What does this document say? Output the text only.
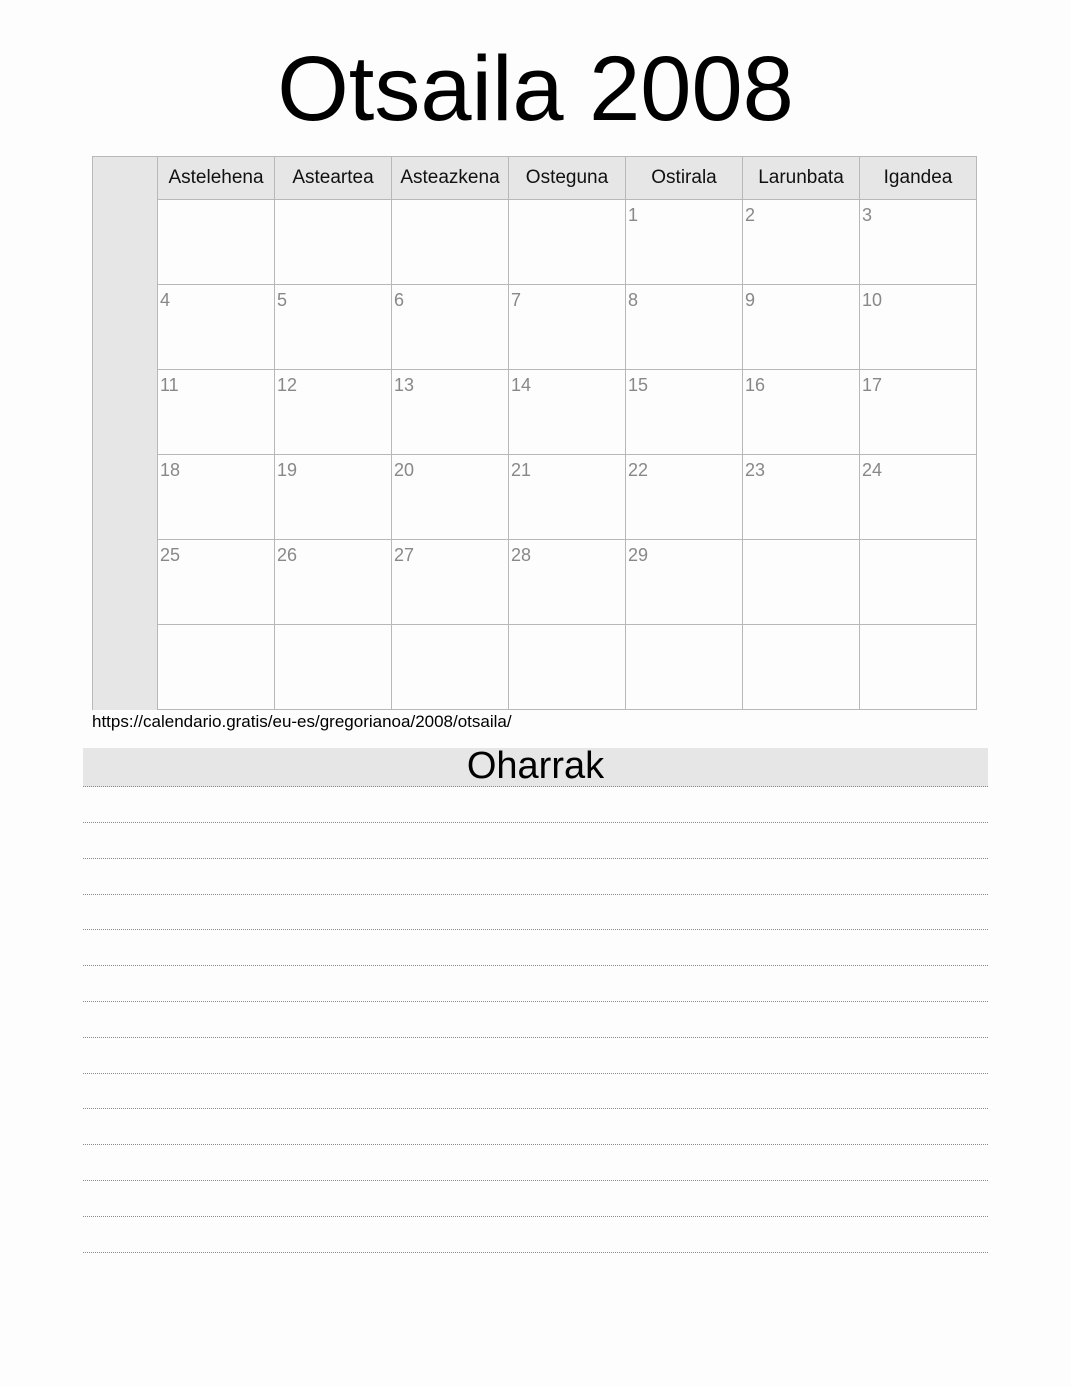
Otsaila 2008
	Astelehena	Asteartea	Asteazkena	Osteguna	Ostirala	Larunbata	Igandea

					1	2	3

	4	5	6	7	8	9	10

	11	12	13	14	15	16	17

	18	19	20	21	22	23	24

	25	26	27	28	29		

https://calendario.gratis/eu-es/gregorianoa/2008/otsaila/
Oharrak
